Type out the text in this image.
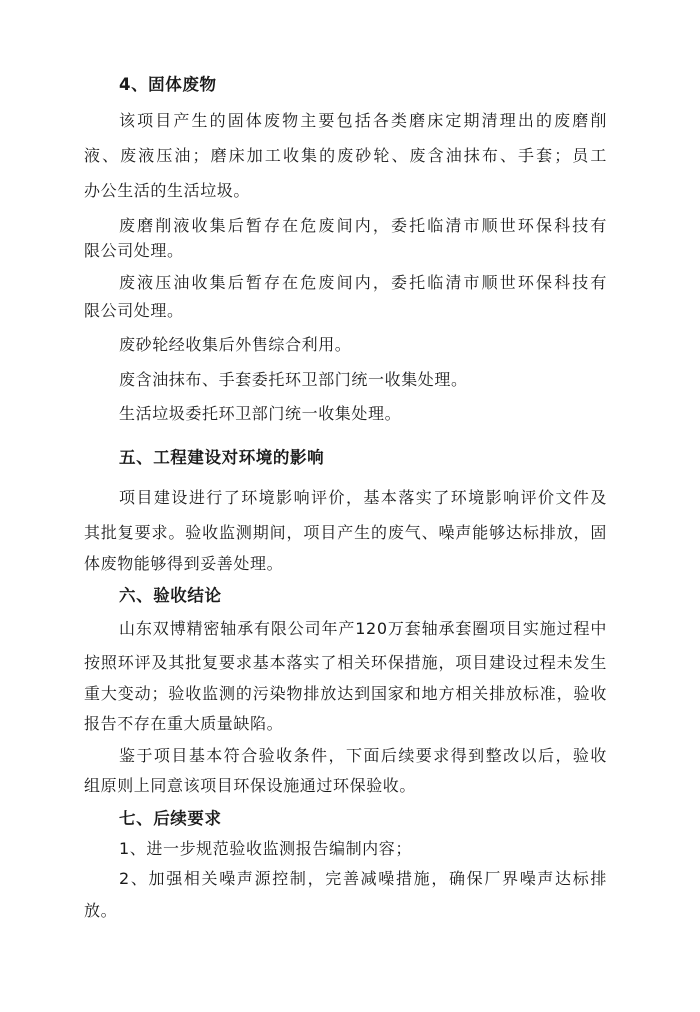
4、固体废物
该项目产生的固体废物主要包括各类磨床定期清理出的废磨削
液、废液压油；磨床加工收集的废砂轮、废含油抹布、手套；员工
办公生活的生活垃圾。
废磨削液收集后暂存在危废间内，委托临清市顺世环保科技有
限公司处理。
废液压油收集后暂存在危废间内，委托临清市顺世环保科技有
限公司处理。
废砂轮经收集后外售综合利用。
废含油抹布、手套委托环卫部门统一收集处理。
生活垃圾委托环卫部门统一收集处理。
五、工程建设对环境的影响
项目建设进行了环境影响评价，基本落实了环境影响评价文件及
其批复要求。验收监测期间，项目产生的废气、噪声能够达标排放，固
体废物能够得到妥善处理。
六、验收结论
山东双博精密轴承有限公司年产120万套轴承套圈项目实施过程中
按照环评及其批复要求基本落实了相关环保措施，项目建设过程未发生
重大变动；验收监测的污染物排放达到国家和地方相关排放标准，验收
报告不存在重大质量缺陷。
鉴于项目基本符合验收条件，下面后续要求得到整改以后，验收
组原则上同意该项目环保设施通过环保验收。
七、后续要求
1、进一步规范验收监测报告编制内容；
2、加强相关噪声源控制，完善减噪措施，确保厂界噪声达标排
放。
